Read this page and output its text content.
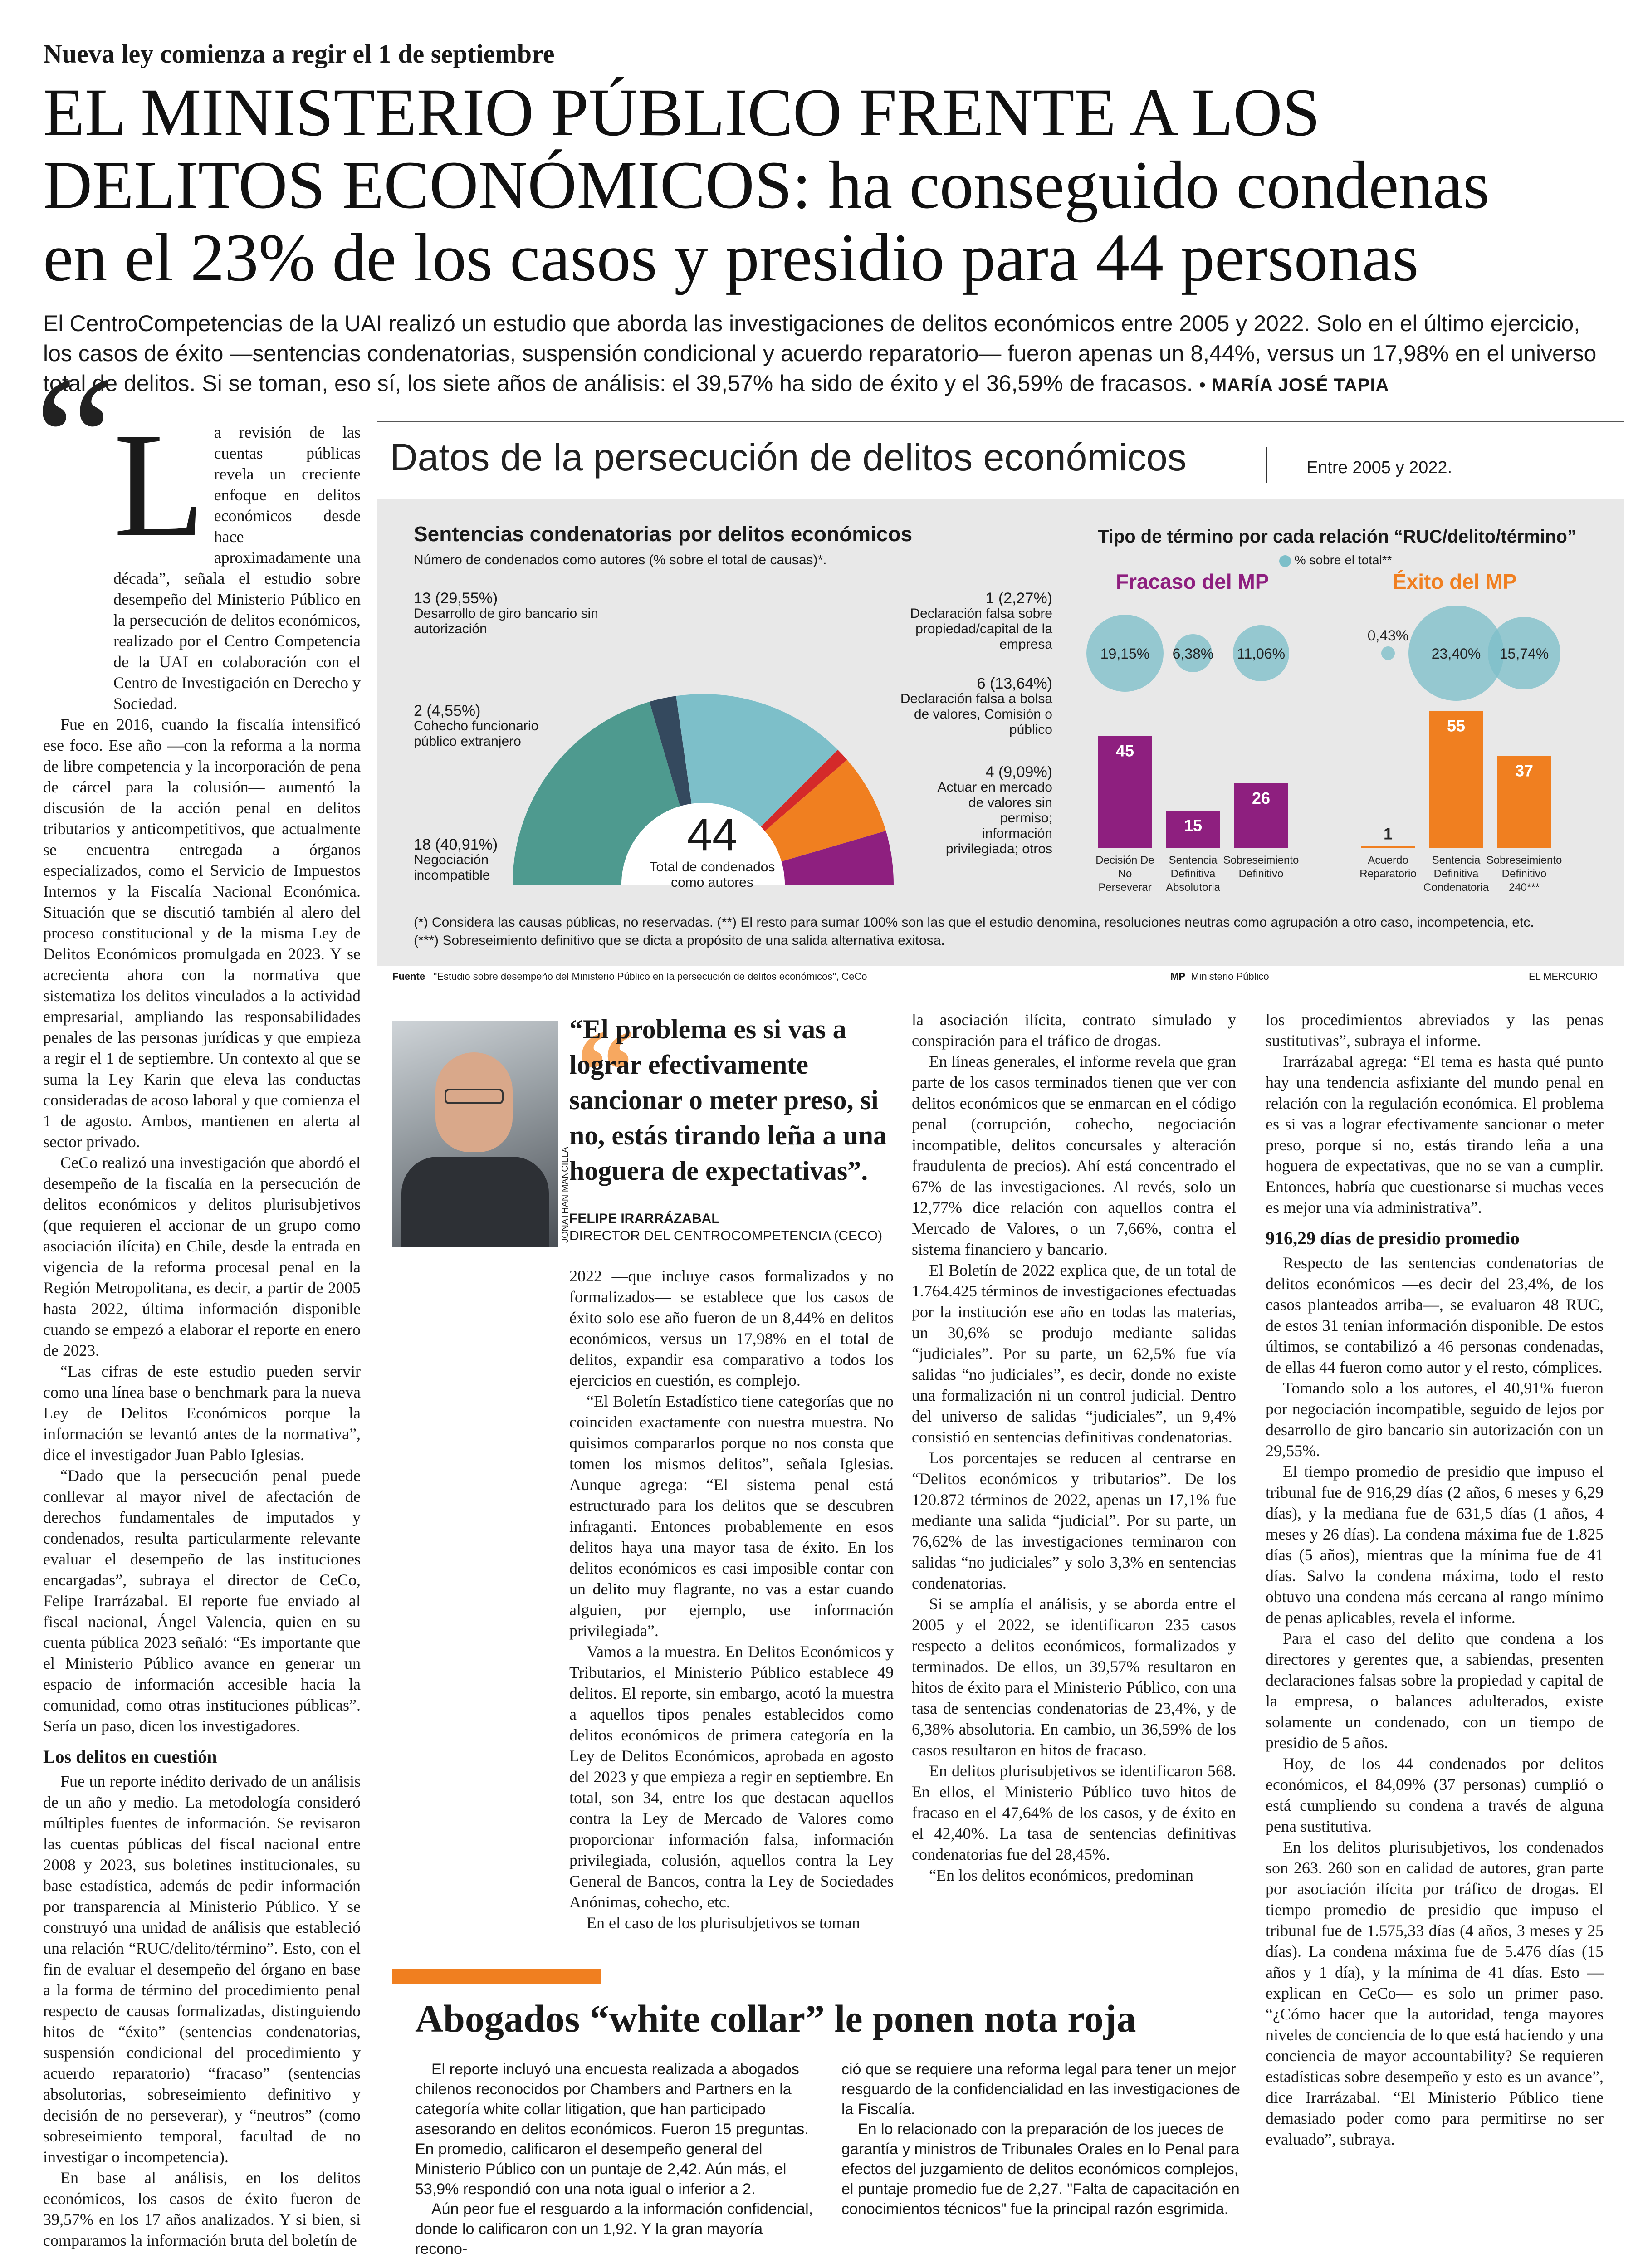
Nueva ley comienza a regir el 1 de septiembre
EL MINISTERIO PÚBLICO FRENTE A LOS
DELITOS ECONÓMICOS: ha conseguido condenas
en el 23% de los casos y presidio para 44 personas
El CentroCompetencias de la UAI realizó un estudio que aborda las investigaciones de delitos económicos entre 2005 y 2022. Solo en el último ejercicio, los casos de éxito —sentencias condenatorias, suspensión condicional y acuerdo reparatorio— fueron apenas un 8,44%, versus un 17,98% en el universo total de delitos. Si se toman, eso sí, los siete años de análisis: el 39,57% ha sido de éxito y el 36,59% de fracasos. • MARÍA JOSÉ TAPIA
“

La revisión de las cuentas públicas revela un creciente enfoque en delitos económicos desde hace aproximadamente una década”, señala el estudio sobre desempeño del Ministerio Público en la persecución de delitos económicos, realizado por el Centro Competencia de la UAI en colaboración con el Centro de Investigación en Derecho y Sociedad.

Fue en 2016, cuando la fiscalía intensificó ese foco. Ese año —con la reforma a la norma de libre competencia y la incorporación de pena de cárcel para la colusión— aumentó la discusión de la acción penal en delitos tributarios y anticompetitivos, que actualmente se encuentra entregada a órganos especializados, como el Servicio de Impuestos Internos y la Fiscalía Nacional Económica. Situación que se discutió también al alero del proceso constitucional y de la misma Ley de Delitos Económicos promulgada en 2023. Y se acrecienta ahora con la normativa que sistematiza los delitos vinculados a la actividad empresarial, ampliando las responsabilidades penales de las personas jurídicas y que empieza a regir el 1 de septiembre. Un contexto al que se suma la Ley Karin que eleva las conductas consideradas de acoso laboral y que comienza el 1 de agosto. Ambos, mantienen en alerta al sector privado.

CeCo realizó una investigación que abordó el desempeño de la fiscalía en la persecución de delitos económicos y delitos plurisubjetivos (que requieren el accionar de un grupo como asociación ilícita) en Chile, desde la entrada en vigencia de la reforma procesal penal en la Región Metropolitana, es decir, a partir de 2005 hasta 2022, última información disponible cuando se empezó a elaborar el reporte en enero de 2023.

“Las cifras de este estudio pueden servir como una línea base o benchmark para la nueva Ley de Delitos Económicos porque la información se levantó antes de la normativa”, dice el investigador Juan Pablo Iglesias.

“Dado que la persecución penal puede conllevar al mayor nivel de afectación de derechos fundamentales de imputados y condenados, resulta particularmente relevante evaluar el desempeño de las instituciones encargadas”, subraya el director de CeCo, Felipe Irarrázabal. El reporte fue enviado al fiscal nacional, Ángel Valencia, quien en su cuenta pública 2023 señaló: “Es importante que el Ministerio Público avance en generar un espacio de información accesible hacia la comunidad, como otras instituciones públicas”. Sería un paso, dicen los investigadores.

Los delitos en cuestión

Fue un reporte inédito derivado de un análisis de un año y medio. La metodología consideró múltiples fuentes de información. Se revisaron las cuentas públicas del fiscal nacional entre 2008 y 2023, sus boletines institucionales, su base estadística, además de pedir información por transparencia al Ministerio Público. Y se construyó una unidad de análisis que estableció una relación “RUC/delito/término”. Esto, con el fin de evaluar el desempeño del órgano en base a la forma de término del procedimiento penal respecto de causas formalizadas, distinguiendo hitos de “éxito” (sentencias condenatorias, suspensión condicional del procedimiento y acuerdo reparatorio) “fracaso” (sentencias absolutorias, sobreseimiento definitivo y decisión de no perseverar), y “neutros” (como sobreseimiento temporal, facultad de no investigar o incompetencia).

En base al análisis, en los delitos económicos, los casos de éxito fueron de 39,57% en los 17 años analizados. Y si bien, si comparamos la información bruta del boletín de

Datos de la persecución de delitos económicos	Entre 2005 y 2022.
Sentencias condenatorias por delitos económicos
Número de condenados como autores (% sobre el total de causas)*.
13 (29,55%)
Desarrollo de giro bancario sin autorización
2 (4,55%)
Cohecho funcionario público extranjero
18 (40,91%)
Negociación incompatible
1 (2,27%)
Declaración falsa sobre propiedad/capital de la empresa
6 (13,64%)
Declaración falsa a bolsa de valores, Comisión o público
4 (9,09%)
Actuar en mercado de valores sin permiso; información privilegiada; otros
44
Total de condenados como autores
Tipo de término por cada relación “RUC/delito/término”
% sobre el total**
Fracaso del MP	Éxito del MP
45
Decisión De
No
Perseverar
19,15%
15
Sentencia
Definitiva
Absolutoria
6,38%
26
Sobreseimiento
Definitivo
11,06%
1
Acuerdo
Reparatorio
0,43%
55
Sentencia
Definitiva
Condenatoria
23,40%
37
Sobreseimiento
Definitivo
240***
15,74%
(*) Considera las causas públicas, no reservadas. (**) El resto para sumar 100% son las que el estudio denomina, resoluciones neutras como agrupación a otro caso, incompetencia, etc.
(***) Sobreseimiento definitivo que se dicta a propósito de una salida alternativa exitosa.
Fuente "Estudio sobre desempeño del Ministerio Público en la persecución de delitos económicos", CeCo	MP Ministerio Público	EL MERCURIO
JONATHAN MANCILLA
“
“El problema es si vas a lograr efectivamente sancionar o meter preso, si no, estás tirando leña a una hoguera de expectativas”.
FELIPE IRARRÁZABAL
DIRECTOR DEL CENTROCOMPETENCIA (CECO)

2022 —que incluye casos formalizados y no formalizados— se establece que los casos de éxito solo ese año fueron de un 8,44% en delitos económicos, versus un 17,98% en el total de delitos, expandir esa comparativo a todos los ejercicios en cuestión, es complejo.

“El Boletín Estadístico tiene categorías que no coinciden exactamente con nuestra muestra. No quisimos compararlos porque no nos consta que tomen los mismos delitos”, señala Iglesias. Aunque agrega: “El sistema penal está estructurado para los delitos que se descubren infraganti. Entonces probablemente en esos delitos haya una mayor tasa de éxito. En los delitos económicos es casi imposible contar con un delito muy flagrante, no vas a estar cuando alguien, por ejemplo, use información privilegiada”.

Vamos a la muestra. En Delitos Económicos y Tributarios, el Ministerio Público establece 49 delitos. El reporte, sin embargo, acotó la muestra a aquellos tipos penales establecidos como delitos económicos de primera categoría en la Ley de Delitos Económicos, aprobada en agosto del 2023 y que empieza a regir en septiembre. En total, son 34, entre los que destacan aquellos contra la Ley de Mercado de Valores como proporcionar información falsa, información privilegiada, colusión, aquellos contra la Ley General de Bancos, contra la Ley de Sociedades Anónimas, cohecho, etc.

En el caso de los plurisubjetivos se toman

la asociación ilícita, contrato simulado y conspiración para el tráfico de drogas.

En líneas generales, el informe revela que gran parte de los casos terminados tienen que ver con delitos económicos que se enmarcan en el código penal (corrupción, cohecho, negociación incompatible, delitos concursales y alteración fraudulenta de precios). Ahí está concentrado el 67% de las investigaciones. Al revés, solo un 12,77% dice relación con aquellos contra el Mercado de Valores, o un 7,66%, contra el sistema financiero y bancario.

El Boletín de 2022 explica que, de un total de 1.764.425 términos de investigaciones efectuadas por la institución ese año en todas las materias, un 30,6% se produjo mediante salidas “judiciales”. Por su parte, un 62,5% fue vía salidas “no judiciales”, es decir, donde no existe una formalización ni un control judicial. Dentro del universo de salidas “judiciales”, un 9,4% consistió en sentencias definitivas condenatorias.

Los porcentajes se reducen al centrarse en “Delitos económicos y tributarios”. De los 120.872 términos de 2022, apenas un 17,1% fue mediante una salida “judicial”. Por su parte, un 76,62% de las investigaciones terminaron con salidas “no judiciales” y solo 3,3% en sentencias condenatorias.

Si se amplía el análisis, y se aborda entre el 2005 y el 2022, se identificaron 235 casos respecto a delitos económicos, formalizados y terminados. De ellos, un 39,57% resultaron en hitos de éxito para el Ministerio Público, con una tasa de sentencias condenatorias de 23,4%, y de 6,38% absolutoria. En cambio, un 36,59% de los casos resultaron en hitos de fracaso.

En delitos plurisubjetivos se identificaron 568. En ellos, el Ministerio Público tuvo hitos de fracaso en el 47,64% de los casos, y de éxito en el 42,40%. La tasa de sentencias definitivas condenatorias fue del 28,45%.

“En los delitos económicos, predominan

los procedimientos abreviados y las penas sustitutivas”, subraya el informe.

Irarrázabal agrega: “El tema es hasta qué punto hay una tendencia asfixiante del mundo penal en relación con la regulación económica. El problema es si vas a lograr efectivamente sancionar o meter preso, porque si no, estás tirando leña a una hoguera de expectativas, que no se van a cumplir. Entonces, habría que cuestionarse si muchas veces es mejor una vía administrativa”.

916,29 días de presidio promedio

Respecto de las sentencias condenatorias de delitos económicos —es decir del 23,4%, de los casos planteados arriba—, se evaluaron 48 RUC, de estos 31 tenían información disponible. De estos últimos, se contabilizó a 46 personas condenadas, de ellas 44 fueron como autor y el resto, cómplices.

Tomando solo a los autores, el 40,91% fueron por negociación incompatible, seguido de lejos por desarrollo de giro bancario sin autorización con un 29,55%.

El tiempo promedio de presidio que impuso el tribunal fue de 916,29 días (2 años, 6 meses y 6,29 días), y la mediana fue de 631,5 días (1 años, 4 meses y 26 días). La condena máxima fue de 1.825 días (5 años), mientras que la mínima fue de 41 días. Salvo la condena máxima, todo el resto obtuvo una condena más cercana al rango mínimo de penas aplicables, revela el informe.

Para el caso del delito que condena a los directores y gerentes que, a sabiendas, presenten declaraciones falsas sobre la propiedad y capital de la empresa, o balances adulterados, existe solamente un condenado, con un tiempo de presidio de 5 años.

Hoy, de los 44 condenados por delitos económicos, el 84,09% (37 personas) cumplió o está cumpliendo su condena a través de alguna pena sustitutiva.

En los delitos plurisubjetivos, los condenados son 263. 260 son en calidad de autores, gran parte por asociación ilícita por tráfico de drogas. El tiempo promedio de presidio que impuso el tribunal fue de 1.575,33 días (4 años, 3 meses y 25 días). La condena máxima fue de 5.476 días (15 años y 1 día), y la mínima de 41 días. Esto —explican en CeCo— es solo un primer paso. “¿Cómo hacer que la autoridad, tenga mayores niveles de conciencia de lo que está haciendo y una conciencia de mayor accountability? Se requieren estadísticas sobre desempeño y esto es un avance”, dice Irarrázabal. “El Ministerio Público tiene demasiado poder como para permitirse no ser evaluado”, subraya.

Abogados “white collar” le ponen nota roja

El reporte incluyó una encuesta realizada a abogados chilenos reconocidos por Chambers and Partners en la categoría white collar litigation, que han participado asesorando en delitos económicos. Fueron 15 preguntas. En promedio, calificaron el desempeño general del Ministerio Público con un puntaje de 2,42. Aún más, el 53,9% respondió con una nota igual o inferior a 2.

Aún peor fue el resguardo a la información confidencial, donde lo calificaron con un 1,92. Y la gran mayoría recono-

ció que se requiere una reforma legal para tener un mejor resguardo de la confidencialidad en las investigaciones de la Fiscalía.

En lo relacionado con la preparación de los jueces de garantía y ministros de Tribunales Orales en lo Penal para efectos del juzgamiento de delitos económicos complejos, el puntaje promedio fue de 2,27. "Falta de capacitación en conocimientos técnicos" fue la principal razón esgrimida.
